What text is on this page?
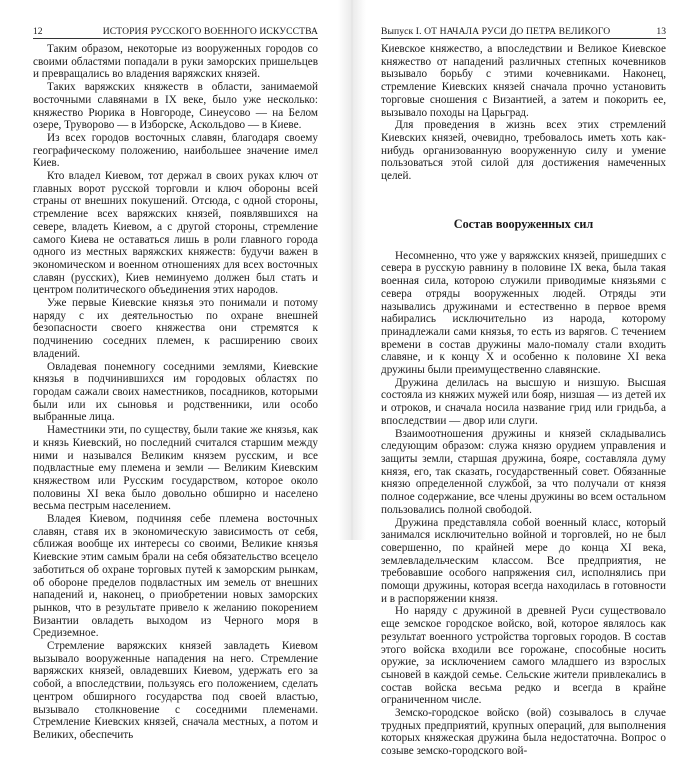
12	ИСТОРИЯ РУССКОГО ВОЕННОГО ИСКУССТВА

Таким образом, некоторые из вооруженных городов со своими областями попадали в руки заморских пришельцев и превращались во владения варяжских князей.

Таких варяжских княжеств в области, занимаемой восточными славянами в IX веке, было уже несколько: княжество Рюрика в Новгороде, Синеусово — на Белом озере, Труворово — в Изборске, Аскольдово — в Киеве.

Из всех городов восточных славян, благодаря своему географическому положению, наибольшее значение имел Киев.

Кто владел Киевом, тот держал в своих руках ключ от главных ворот русской торговли и ключ обороны всей страны от внешних покушений. Отсюда, с одной стороны, стремление всех варяжских князей, появлявшихся на севере, владеть Киевом, а с другой стороны, стремление самого Киева не оставаться лишь в роли главного города одного из местных варяжских княжеств: будучи важен в экономическом и военном отношениях для всех восточных славян (русских), Киев неминуемо должен был стать и центром политического объединения этих народов.

Уже первые Киевские князья это понимали и потому наряду с их деятельностью по охране внешней безопасности своего княжества они стремятся к подчинению соседних племен, к расширению своих владений.

Овладевая понемногу соседними землями, Киевские князья в подчинившихся им городовых областях по городам сажали своих наместников, посадников, которыми были или их сыновья и родственники, или особо выбранные лица.

Наместники эти, по существу, были такие же князья, как и князь Киевский, но последний считался старшим между ними и назывался Великим князем русским, и все подвластные ему племена и земли — Великим Киевским княжеством или Русским государством, которое около половины XI века было довольно обширно и населено весьма пестрым населением.

Владея Киевом, подчиняя себе племена восточных славян, ставя их в экономическую зависимость от себя, сближая вообще их интересы со своими, Великие князья Киевские этим самым брали на себя обязательство всецело заботиться об охране торговых путей к заморским рынкам, об обороне пределов подвластных им земель от внешних нападений и, наконец, о приобретении новых заморских рынков, что в результате привело к желанию покорением Византии овладеть выходом из Черного моря в Средиземное.

Стремление варяжских князей завладеть Киевом вызывало вооруженные нападения на него. Стремление варяжских князей, овладевших Киевом, удержать его за собой, а впоследствии, пользуясь его положением, сделать центром обширного государства под своей властью, вызывало столкновение с соседними племенами. Стремление Киевских князей, сначала местных, а потом и Великих, обеспечить

Выпуск I. ОТ НАЧАЛА РУСИ ДО ПЕТРА ВЕЛИКОГО	13

Киевское княжество, а впоследствии и Великое Киевское княжество от нападений различных степных кочевников вызывало борьбу с этими кочевниками. Наконец, стремление Киевских князей сначала прочно установить торговые сношения с Византией, а затем и покорить ее, вызывало походы на Царьград.

Для проведения в жизнь всех этих стремлений Киевских князей, очевидно, требовалось иметь хоть как-нибудь организованную вооруженную силу и умение пользоваться этой силой для достижения намеченных целей.

Состав вооруженных сил

Несомненно, что уже у варяжских князей, пришедших с севера в русскую равнину в половине IX века, была такая военная сила, которою служили приводимые князьями с севера отряды вооруженных людей. Отряды эти назывались дружинами и естественно в первое время набирались исключительно из народа, которому принадлежали сами князья, то есть из варягов. С течением времени в состав дружины мало-помалу стали входить славяне, и к концу X и особенно к половине XI века дружины были преимущественно славянские.

Дружина делилась на высшую и низшую. Высшая состояла из княжих мужей или бояр, низшая — из детей их и отроков, и сначала носила название грид или гридьба, а впоследствии — двор или слуги.

Взаимоотношения дружины и князей складывались следующим образом: служа князю орудием управления и защиты земли, старшая дружина, бояре, составляла думу князя, его, так сказать, государственный совет. Обязанные князю определенной службой, за что получали от князя полное содержание, все члены дружины во всем остальном пользовались полной свободой.

Дружина представляла собой военный класс, который занимался исключительно войной и торговлей, но не был совершенно, по крайней мере до конца XI века, землевладельческим классом. Все предприятия, не требовавшие особого напряжения сил, исполнялись при помощи дружины, которая всегда находилась в готовности и в распоряжении князя.

Но наряду с дружиной в древней Руси существовало еще земское городское войско, вой, которое являлось как результат военного устройства торговых городов. В состав этого войска входили все горожане, способные носить оружие, за исключением самого младшего из взрослых сыновей в каждой семье. Сельские жители привлекались в состав войска весьма редко и всегда в крайне ограниченном числе.

Земско-городское войско (вой) созывалось в случае трудных предприятий, крупных операций, для выполнения которых княжеская дружина была недостаточна. Вопрос о созыве земско-городского вой-
